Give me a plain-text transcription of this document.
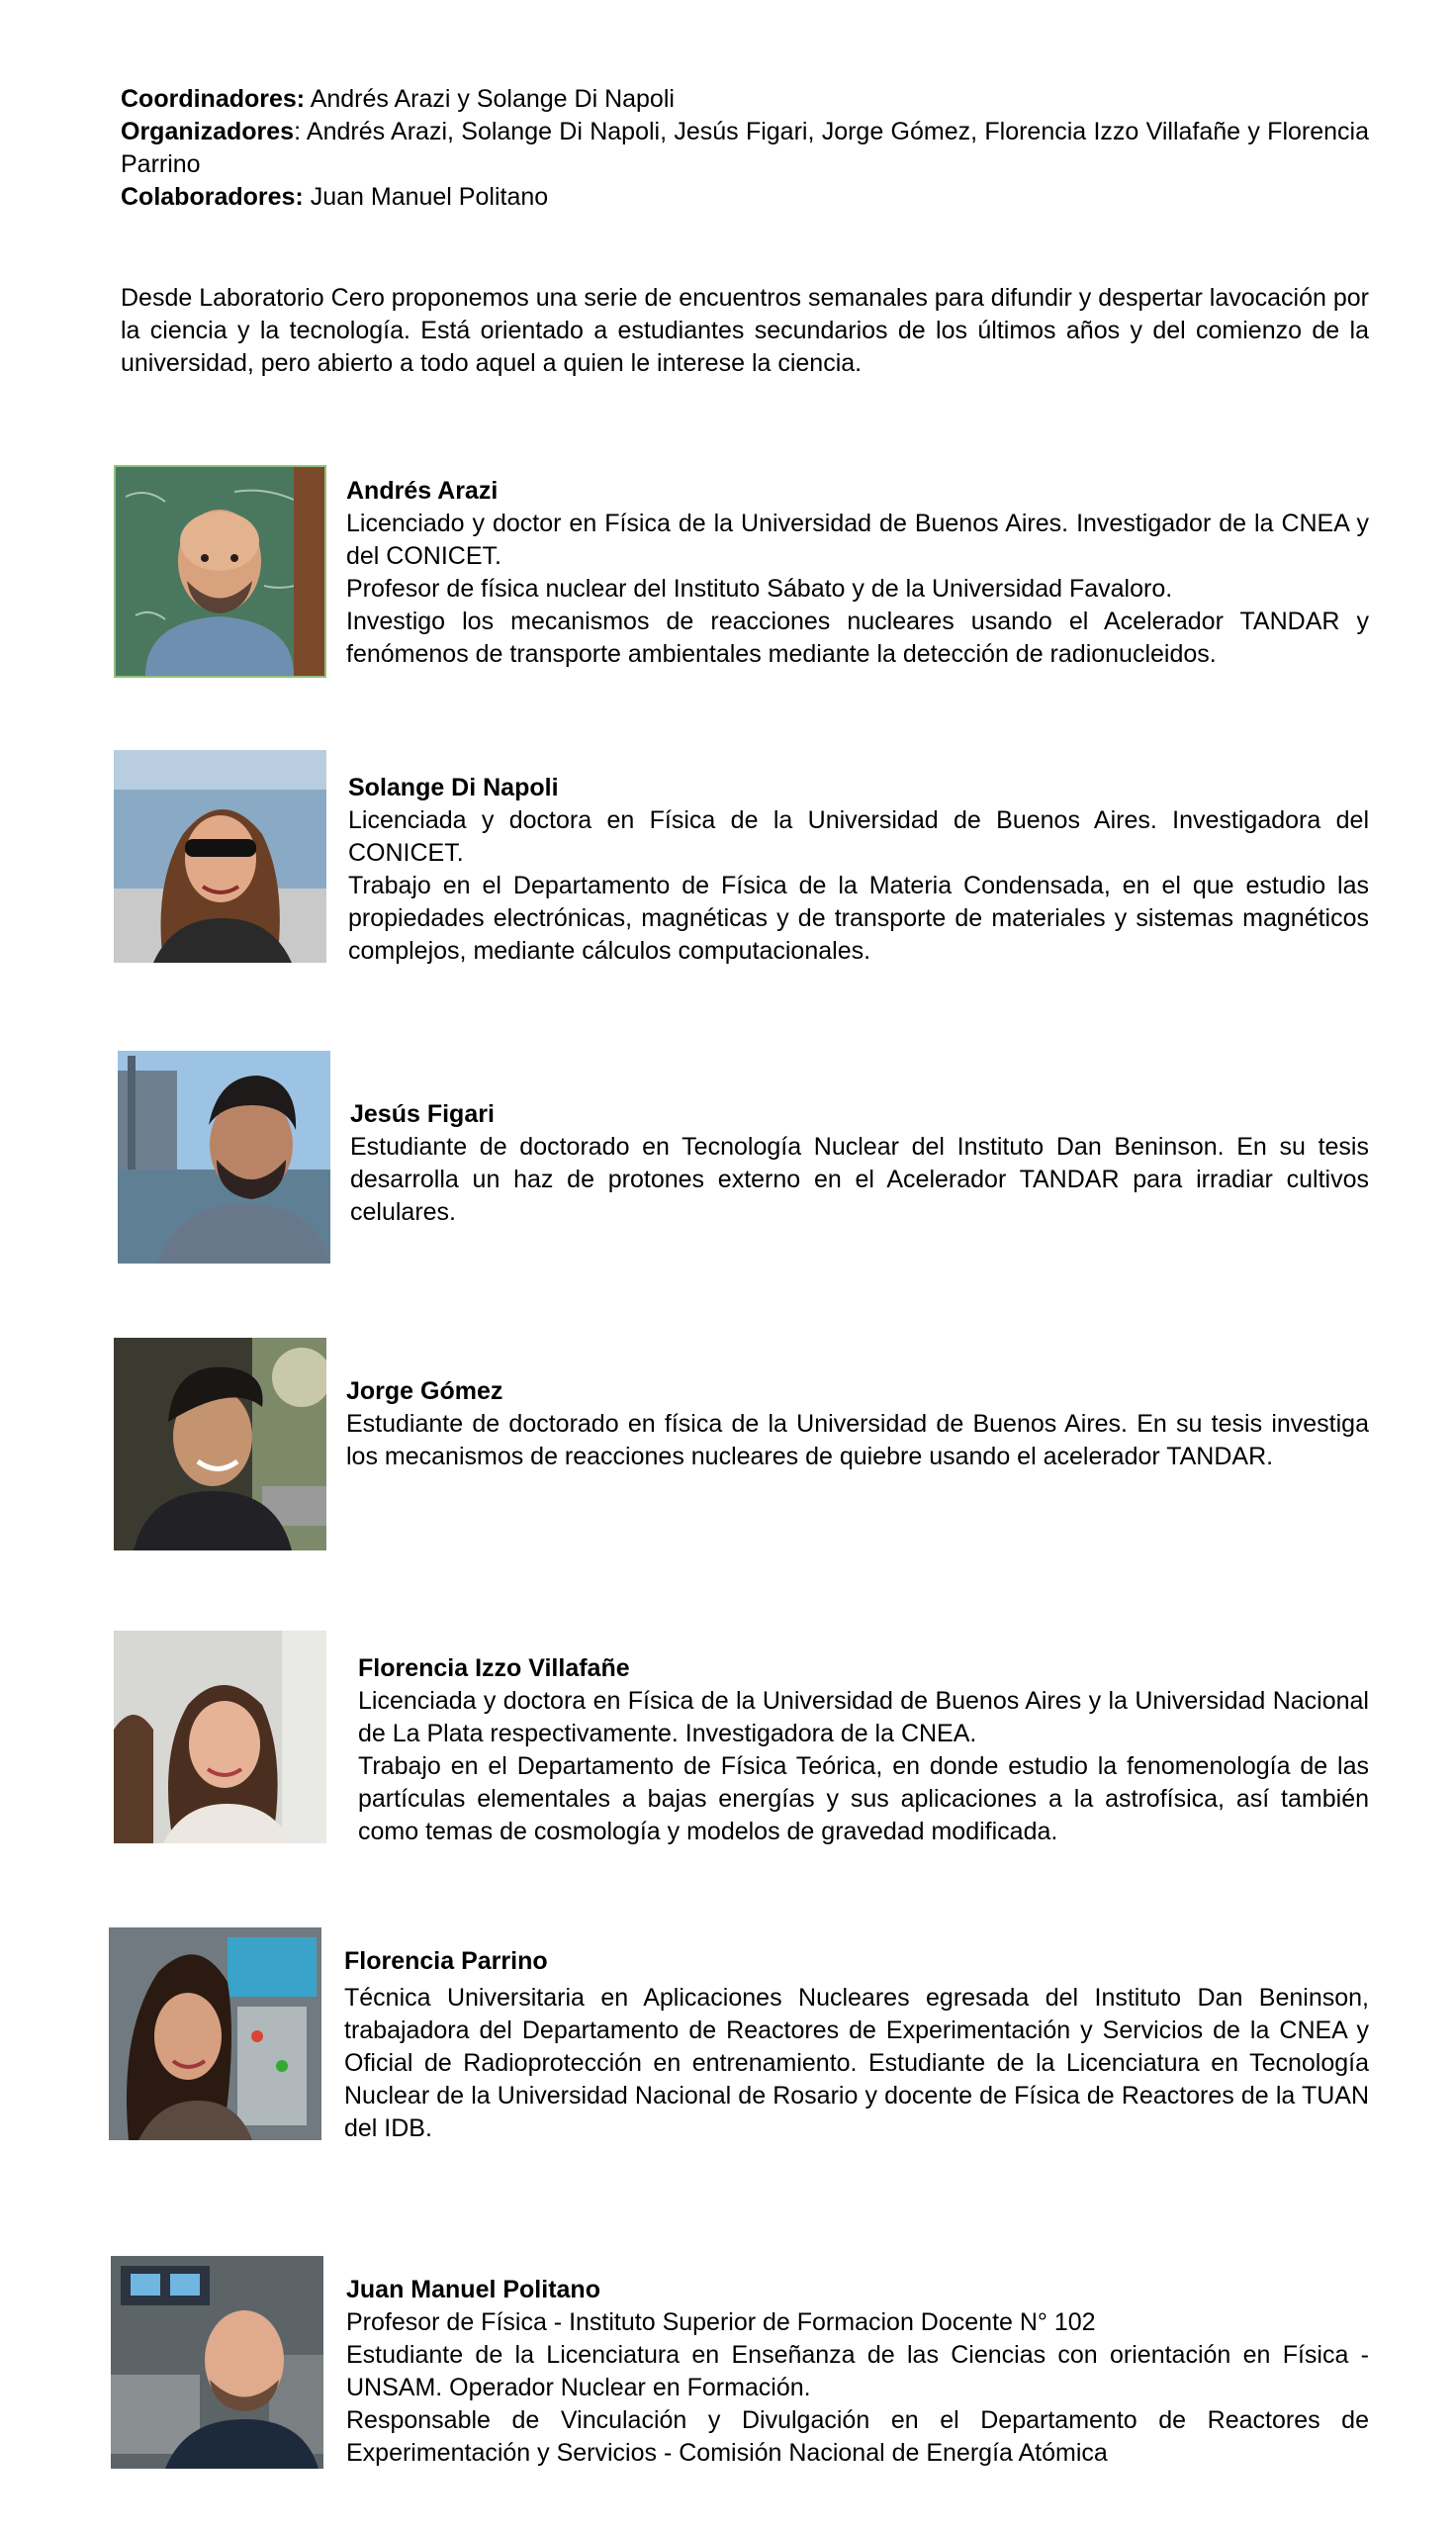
Coordinadores: Andrés Arazi y Solange Di Napoli
Organizadores: Andrés Arazi, Solange Di Napoli, Jesús Figari, Jorge Gómez, Florencia Izzo Villafañe y Florencia Parrino
Colaboradores: Juan Manuel Politano
Desde Laboratorio Cero proponemos una serie de encuentros semanales para difundir y despertar lavocación por la ciencia y la tecnología. Está orientado a estudiantes secundarios de los últimos años y del comienzo de la universidad, pero abierto a todo aquel a quien le interese la ciencia.
Andrés Arazi
Licenciado y doctor en Física de la Universidad de Buenos Aires. Investigador de la CNEA y del CONICET.
Profesor de física nuclear del Instituto Sábato y de la Universidad Favaloro.
Investigo los mecanismos de reacciones nucleares usando el Acelerador TANDAR y fenómenos de transporte ambientales mediante la detección de radionucleidos.
Solange Di Napoli
Licenciada y doctora en Física de la Universidad de Buenos Aires. Investigadora del CONICET.
Trabajo en el Departamento de Física de la Materia Condensada, en el que estudio las propiedades electrónicas, magnéticas y de transporte de materiales y sistemas magnéticos complejos, mediante cálculos computacionales.
Jesús Figari
Estudiante de doctorado en Tecnología Nuclear del Instituto Dan Beninson. En su tesis desarrolla un haz de protones externo en el Acelerador TANDAR para irradiar cultivos celulares.
Jorge Gómez
Estudiante de doctorado en física de la Universidad de Buenos Aires. En su tesis investiga los mecanismos de reacciones nucleares de quiebre usando el acelerador TANDAR.
Florencia Izzo Villafañe
Licenciada y doctora en Física de la Universidad de Buenos Aires y la Universidad Nacional de La Plata respectivamente. Investigadora de la CNEA.
Trabajo en el Departamento de Física Teórica, en donde estudio la fenomenología de las partículas elementales a bajas energías y sus aplicaciones a la astrofísica, así también como temas de cosmología y modelos de gravedad modificada.
Florencia Parrino
Técnica Universitaria en Aplicaciones Nucleares egresada del Instituto Dan Beninson, trabajadora del Departamento de Reactores de Experimentación y Servicios de la CNEA y Oficial de Radioprotección en entrenamiento. Estudiante de la Licenciatura en Tecnología Nuclear de la Universidad Nacional de Rosario y docente de Física de Reactores de la TUAN del IDB.
Juan Manuel Politano
Profesor de Física - Instituto Superior de Formacion Docente N° 102
Estudiante de la Licenciatura en Enseñanza de las Ciencias con orientación en Física - UNSAM. Operador Nuclear en Formación.
Responsable de Vinculación y Divulgación en el Departamento de Reactores de Experimentación y Servicios - Comisión Nacional de Energía Atómica
